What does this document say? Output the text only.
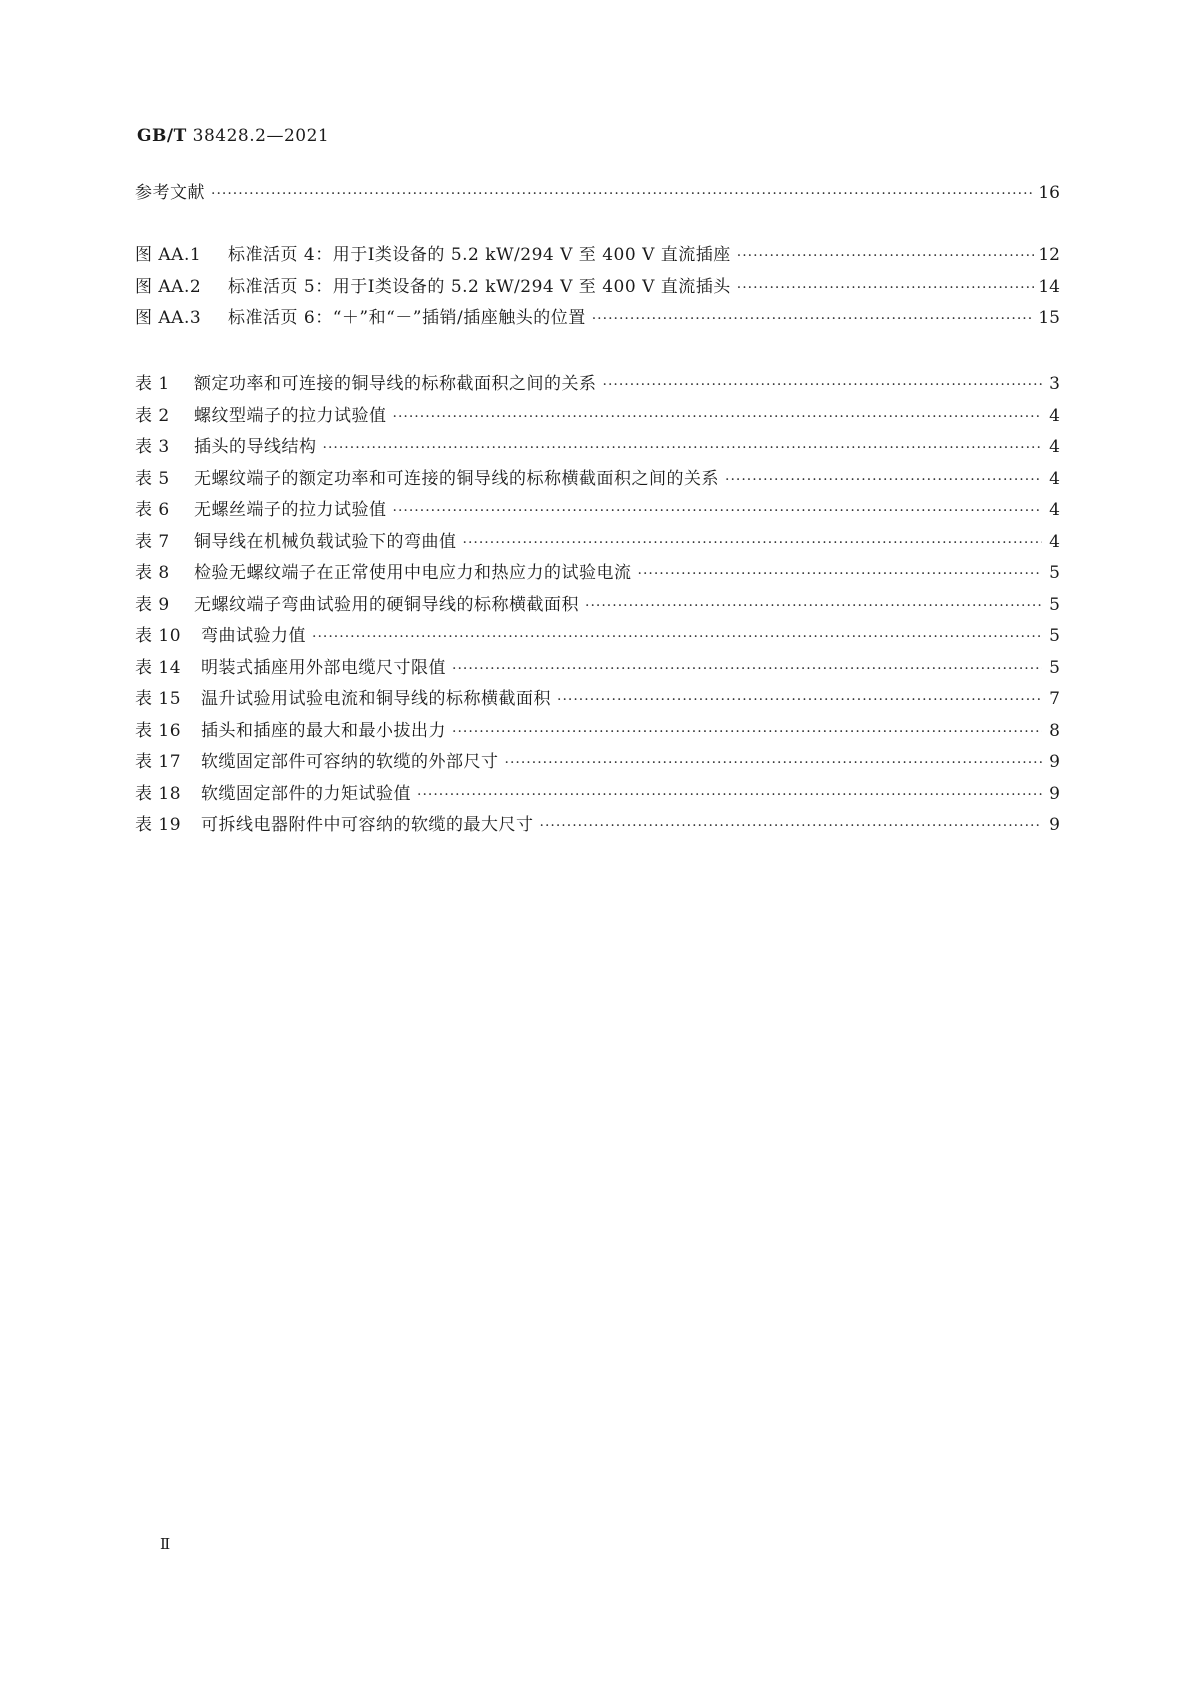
GB/T 38428.2—2021
参考文献 ·····	16
图 AA.1	标准活页 4：用于Ⅰ类设备的 5.2 kW/294 V 至 400 V 直流插座 ·····	12
图 AA.2	标准活页 5：用于Ⅰ类设备的 5.2 kW/294 V 至 400 V 直流插头 ·····	14
图 AA.3	标准活页 6：“＋”和“－”插销/插座触头的位置 ·····	15
表 1	额定功率和可连接的铜导线的标称截面积之间的关系 ·····	3
表 2	螺纹型端子的拉力试验值 ·····	4
表 3	插头的导线结构 ·····	4
表 5	无螺纹端子的额定功率和可连接的铜导线的标称横截面积之间的关系 ·····	4
表 6	无螺丝端子的拉力试验值 ·····	4
表 7	铜导线在机械负载试验下的弯曲值 ·····	4
表 8	检验无螺纹端子在正常使用中电应力和热应力的试验电流 ·····	5
表 9	无螺纹端子弯曲试验用的硬铜导线的标称横截面积 ·····	5
表 10	弯曲试验力值 ·····	5
表 14	明装式插座用外部电缆尺寸限值 ·····	5
表 15	温升试验用试验电流和铜导线的标称横截面积 ·····	7
表 16	插头和插座的最大和最小拔出力 ·····	8
表 17	软缆固定部件可容纳的软缆的外部尺寸 ·····	9
表 18	软缆固定部件的力矩试验值 ·····	9
表 19	可拆线电器附件中可容纳的软缆的最大尺寸 ·····	9
Ⅱ
